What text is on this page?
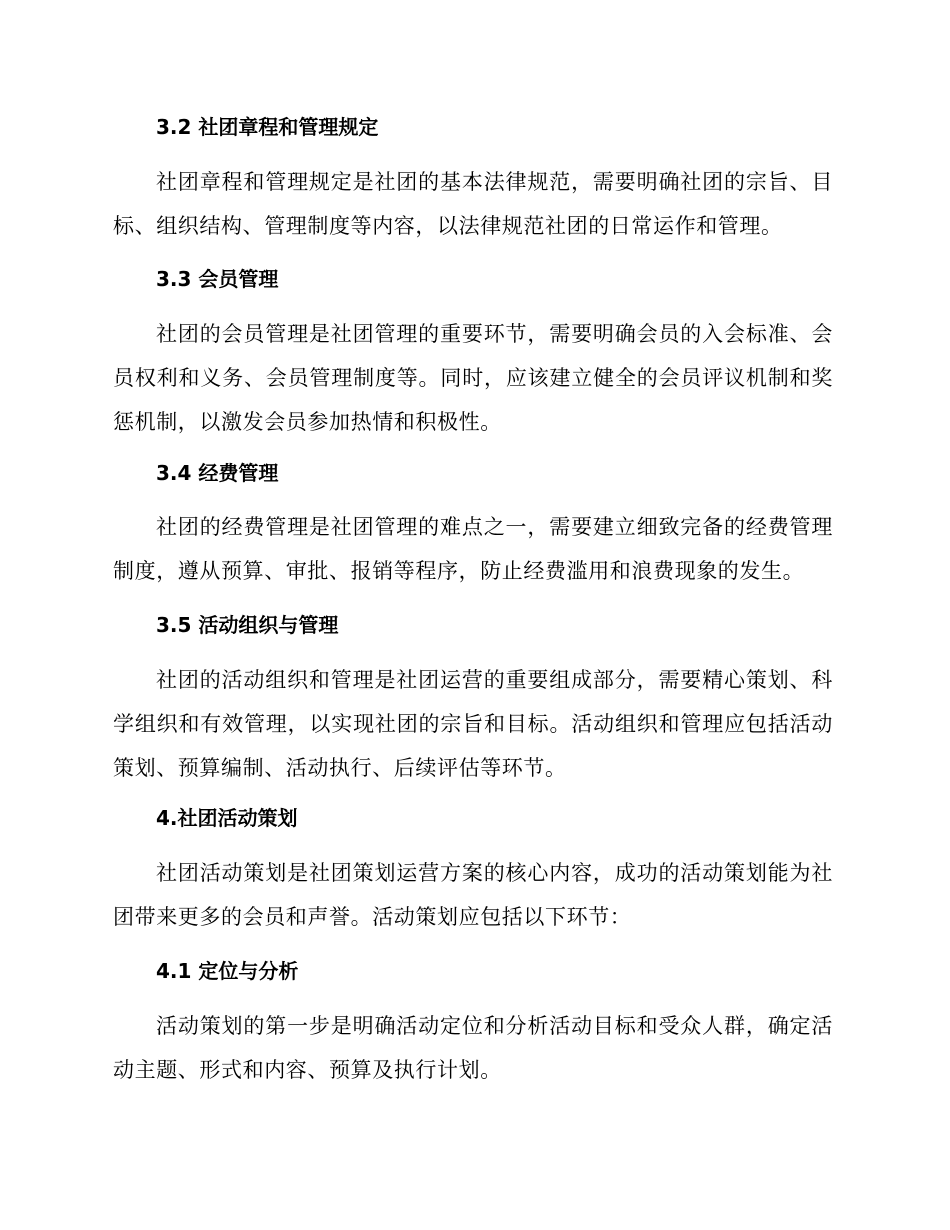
3.2 社团章程和管理规定
社团章程和管理规定是社团的基本法律规范，需要明确社团的宗旨、目标、组织结构、管理制度等内容，以法律规范社团的日常运作和管理。
3.3 会员管理
社团的会员管理是社团管理的重要环节，需要明确会员的入会标准、会员权利和义务、会员管理制度等。同时，应该建立健全的会员评议机制和奖惩机制，以激发会员参加热情和积极性。
3.4 经费管理
社团的经费管理是社团管理的难点之一，需要建立细致完备的经费管理制度，遵从预算、审批、报销等程序，防止经费滥用和浪费现象的发生。
3.5 活动组织与管理
社团的活动组织和管理是社团运营的重要组成部分，需要精心策划、科学组织和有效管理，以实现社团的宗旨和目标。活动组织和管理应包括活动策划、预算编制、活动执行、后续评估等环节。
4.社团活动策划
社团活动策划是社团策划运营方案的核心内容，成功的活动策划能为社团带来更多的会员和声誉。活动策划应包括以下环节：
4.1 定位与分析
活动策划的第一步是明确活动定位和分析活动目标和受众人群，确定活动主题、形式和内容、预算及执行计划。
